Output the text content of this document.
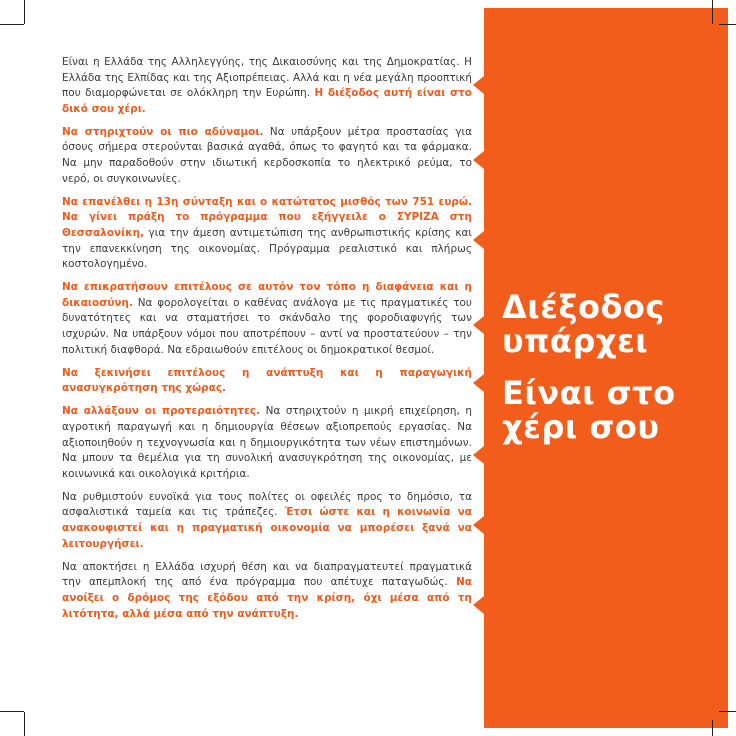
Είναι η Ελλάδα της Αλληλεγγύης, της Δικαιοσύνης και της Δημοκρατίας. Η Ελλάδα της Ελπίδας και της Αξιοπρέπειας. Αλλά και η νέα μεγάλη προοπτική που διαμορφώνεται σε ολόκληρη την Ευρώπη. Η διέξοδος αυτή είναι στο δικό σου χέρι.

Να στηριχτούν οι πιο αδύναμοι. Να υπάρξουν μέτρα προστασίας για όσους σήμερα στερούνται βασικά αγαθά, όπως το φαγητό και τα φάρμακα. Να μην παραδοθούν στην ιδιωτική κερδοσκοπία το ηλεκτρικό ρεύμα, το νερό, οι συγκοινωνίες.

Να επανέλθει η 13η σύνταξη και ο κατώτατος μισθός των 751 ευρώ. Να γίνει πράξη το πρόγραμμα που εξήγγειλε ο ΣΥΡΙΖΑ στη Θεσσαλονίκη, για την άμεση αντιμετώπιση της ανθρωπιστικής κρίσης και την επανεκκίνηση της οικονομίας. Πρόγραμμα ρεαλιστικό και πλήρως κοστολογημένο.

Να επικρατήσουν επιτέλους σε αυτόν τον τόπο η διαφάνεια και η δικαιοσύνη. Να φορολογείται ο καθένας ανάλογα με τις πραγματικές του δυνατότητες και να σταματήσει το σκάνδαλο της φοροδιαφυγής των ισχυρών. Να υπάρξουν νόμοι που αποτρέπουν – αντί να προστατεύουν – την πολιτική διαφθορά. Να εδραιωθούν επιτέλους οι δημοκρατικοί θεσμοί.

Να ξεκινήσει επιτέλους η ανάπτυξη και η παραγωγική ανασυγκρότηση της χώρας.

Να αλλάξουν οι προτεραιότητες. Να στηριχτούν η μικρή επιχείρηση, η αγροτική παραγωγή και η δημιουργία θέσεων αξιοπρεπούς εργασίας. Να αξιοποιηθούν η τεχνογνωσία και η δημιουργικότητα των νέων επιστημόνων. Να μπουν τα θεμέλια για τη συνολική ανασυγκρότηση της οικονομίας, με κοινωνικά και οικολογικά κριτήρια.

Να ρυθμιστούν ευνοϊκά για τους πολίτες οι οφειλές προς το δημόσιο, τα ασφαλιστικά ταμεία και τις τράπεζες. Έτσι ώστε και η κοινωνία να ανακουφιστεί και η πραγματική οικονομία να μπορέσει ξανά να λειτουργήσει.

Να αποκτήσει η Ελλάδα ισχυρή θέση και να διαπραγματευτεί πραγματικά την απεμπλοκή της από ένα πρόγραμμα που απέτυχε παταγωδώς. Να ανοίξει ο δρόμος της εξόδου από την κρίση, όχι μέσα από τη λιτότητα, αλλά μέσα από την ανάπτυξη.

Διέξοδος
υπάρχει
Είναι στο
χέρι σου
